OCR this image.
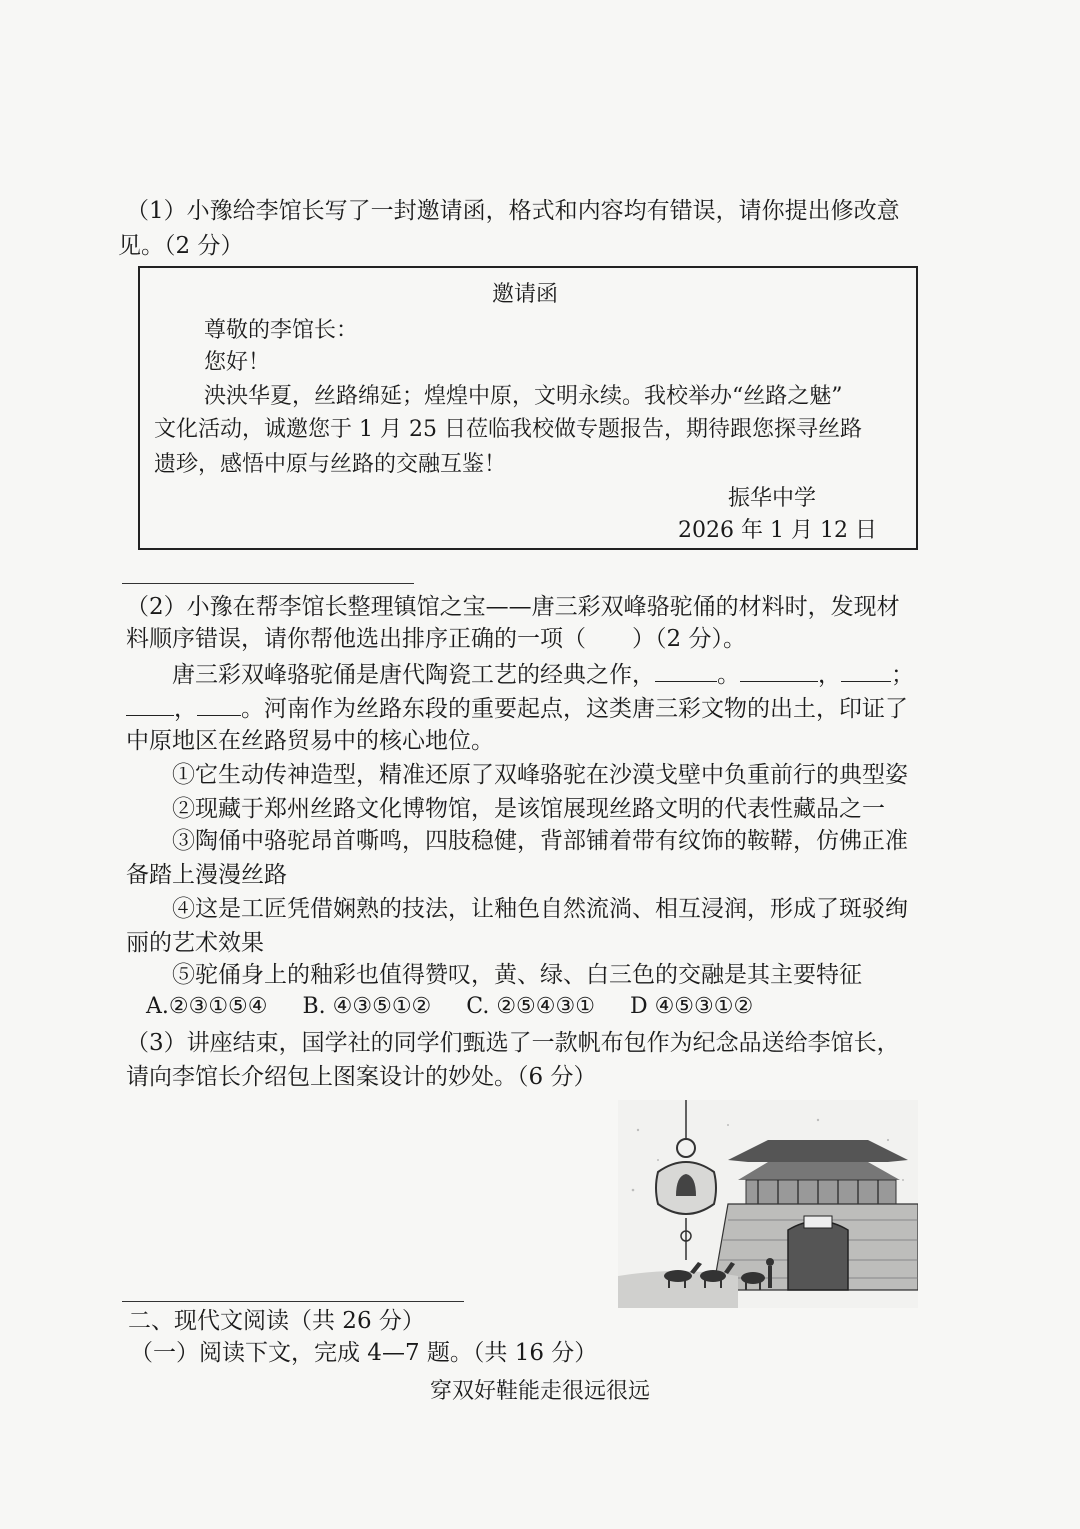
（1）小豫给李馆长写了一封邀请函，格式和内容均有错误，请你提出修改意
见。（2 分）
邀请函
尊敬的李馆长：
您好！
泱泱华夏，丝路绵延；煌煌中原，文明永续。我校举办“丝路之魅”
文化活动，诚邀您于 1 月 25 日莅临我校做专题报告，期待跟您探寻丝路
遗珍，感悟中原与丝路的交融互鉴！
振华中学
2026 年 1 月 12 日
（2）小豫在帮李馆长整理镇馆之宝——唐三彩双峰骆驼俑的材料时，发现材
料顺序错误，请你帮他选出排序正确的一项（　　）（2 分）。
唐三彩双峰骆驼俑是唐代陶瓷工艺的经典之作，	。	， ；
， 。河南作为丝路东段的重要起点，这类唐三彩文物的出土，印证了
中原地区在丝路贸易中的核心地位。
①它生动传神造型，精准还原了双峰骆驼在沙漠戈壁中负重前行的典型姿
②现藏于郑州丝路文化博物馆，是该馆展现丝路文明的代表性藏品之一
③陶俑中骆驼昂首嘶鸣，四肢稳健，背部铺着带有纹饰的鞍鞯，仿佛正准
备踏上漫漫丝路
④这是工匠凭借娴熟的技法，让釉色自然流淌、相互浸润，形成了斑驳绚
丽的艺术效果
⑤驼俑身上的釉彩也值得赞叹，黄、绿、白三色的交融是其主要特征
A.②③①⑤④ B. ④③⑤①② C. ②⑤④③① D ④⑤③①②
（3）讲座结束，国学社的同学们甄选了一款帆布包作为纪念品送给李馆长，
请向李馆长介绍包上图案设计的妙处。（6 分）
二、现代文阅读（共 26 分）
（一）阅读下文，完成 4—7 题。（共 16 分）
穿双好鞋能走很远很远
